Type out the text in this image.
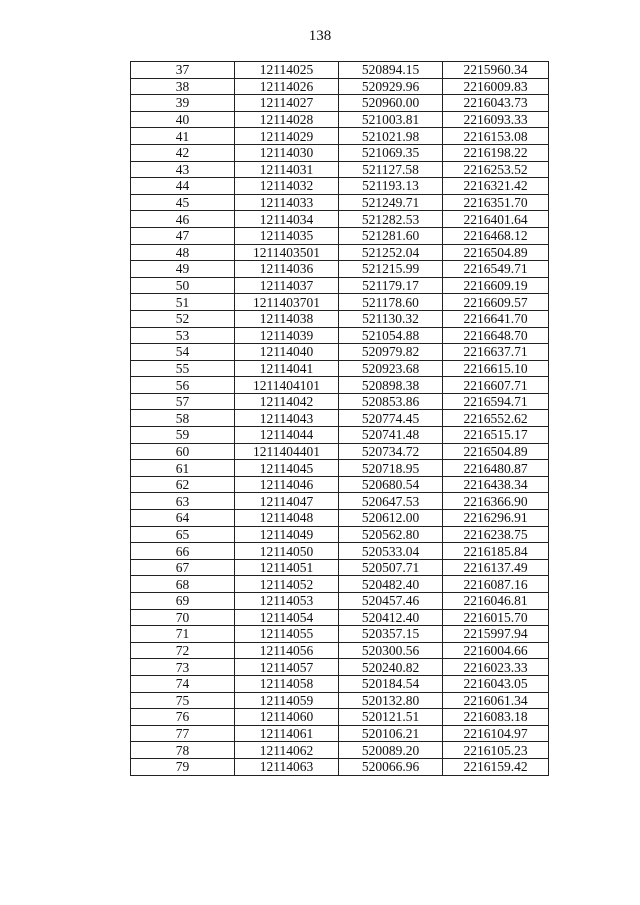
138
37	12114025	520894.15	2215960.34
38	12114026	520929.96	2216009.83
39	12114027	520960.00	2216043.73
40	12114028	521003.81	2216093.33
41	12114029	521021.98	2216153.08
42	12114030	521069.35	2216198.22
43	12114031	521127.58	2216253.52
44	12114032	521193.13	2216321.42
45	12114033	521249.71	2216351.70
46	12114034	521282.53	2216401.64
47	12114035	521281.60	2216468.12
48	1211403501	521252.04	2216504.89
49	12114036	521215.99	2216549.71
50	12114037	521179.17	2216609.19
51	1211403701	521178.60	2216609.57
52	12114038	521130.32	2216641.70
53	12114039	521054.88	2216648.70
54	12114040	520979.82	2216637.71
55	12114041	520923.68	2216615.10
56	1211404101	520898.38	2216607.71
57	12114042	520853.86	2216594.71
58	12114043	520774.45	2216552.62
59	12114044	520741.48	2216515.17
60	1211404401	520734.72	2216504.89
61	12114045	520718.95	2216480.87
62	12114046	520680.54	2216438.34
63	12114047	520647.53	2216366.90
64	12114048	520612.00	2216296.91
65	12114049	520562.80	2216238.75
66	12114050	520533.04	2216185.84
67	12114051	520507.71	2216137.49
68	12114052	520482.40	2216087.16
69	12114053	520457.46	2216046.81
70	12114054	520412.40	2216015.70
71	12114055	520357.15	2215997.94
72	12114056	520300.56	2216004.66
73	12114057	520240.82	2216023.33
74	12114058	520184.54	2216043.05
75	12114059	520132.80	2216061.34
76	12114060	520121.51	2216083.18
77	12114061	520106.21	2216104.97
78	12114062	520089.20	2216105.23
79	12114063	520066.96	2216159.42
